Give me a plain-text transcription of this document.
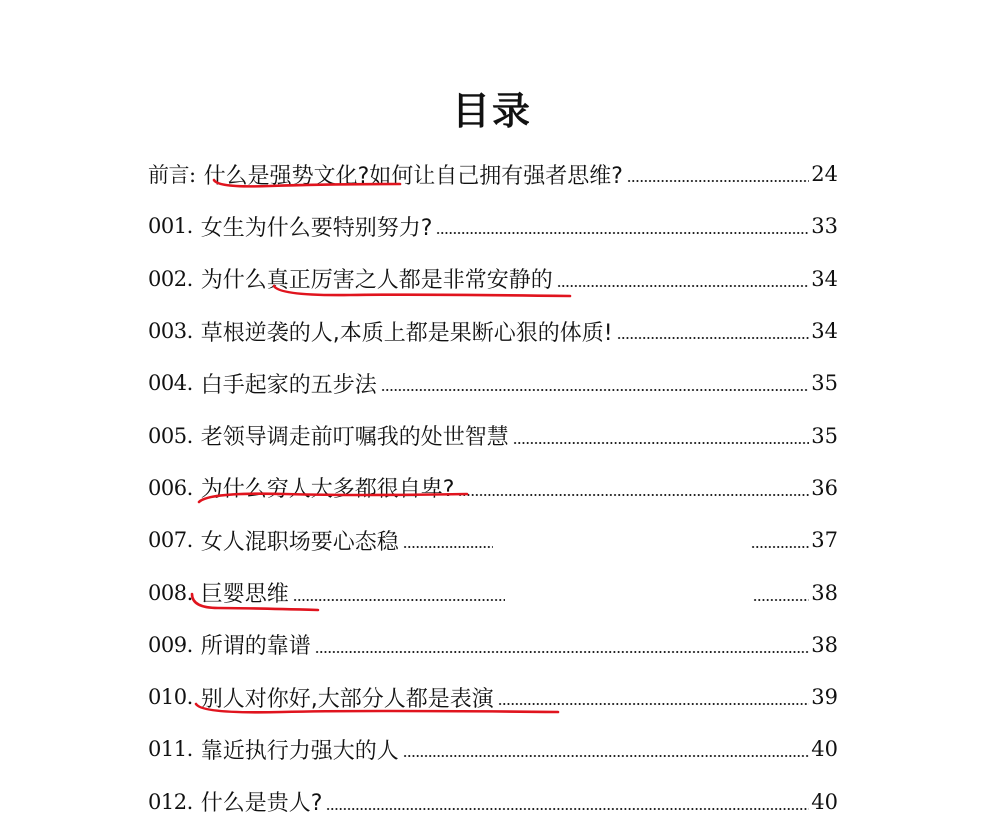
目录
前言: 什么是强势文化?如何让自己拥有强者思维?	24
001. 女生为什么要特别努力?	33
002. 为什么真正厉害之人都是非常安静的	34
003. 草根逆袭的人,本质上都是果断心狠的体质!	34
004. 白手起家的五步法	35
005. 老领导调走前叮嘱我的处世智慧	35
006. 为什么穷人大多都很自卑?	36
007. 女人混职场要心态稳	37
008. 巨婴思维	38
009. 所谓的靠谱	38
010. 别人对你好,大部分人都是表演	39
011. 靠近执行力强大的人	40
012. 什么是贵人?	40
